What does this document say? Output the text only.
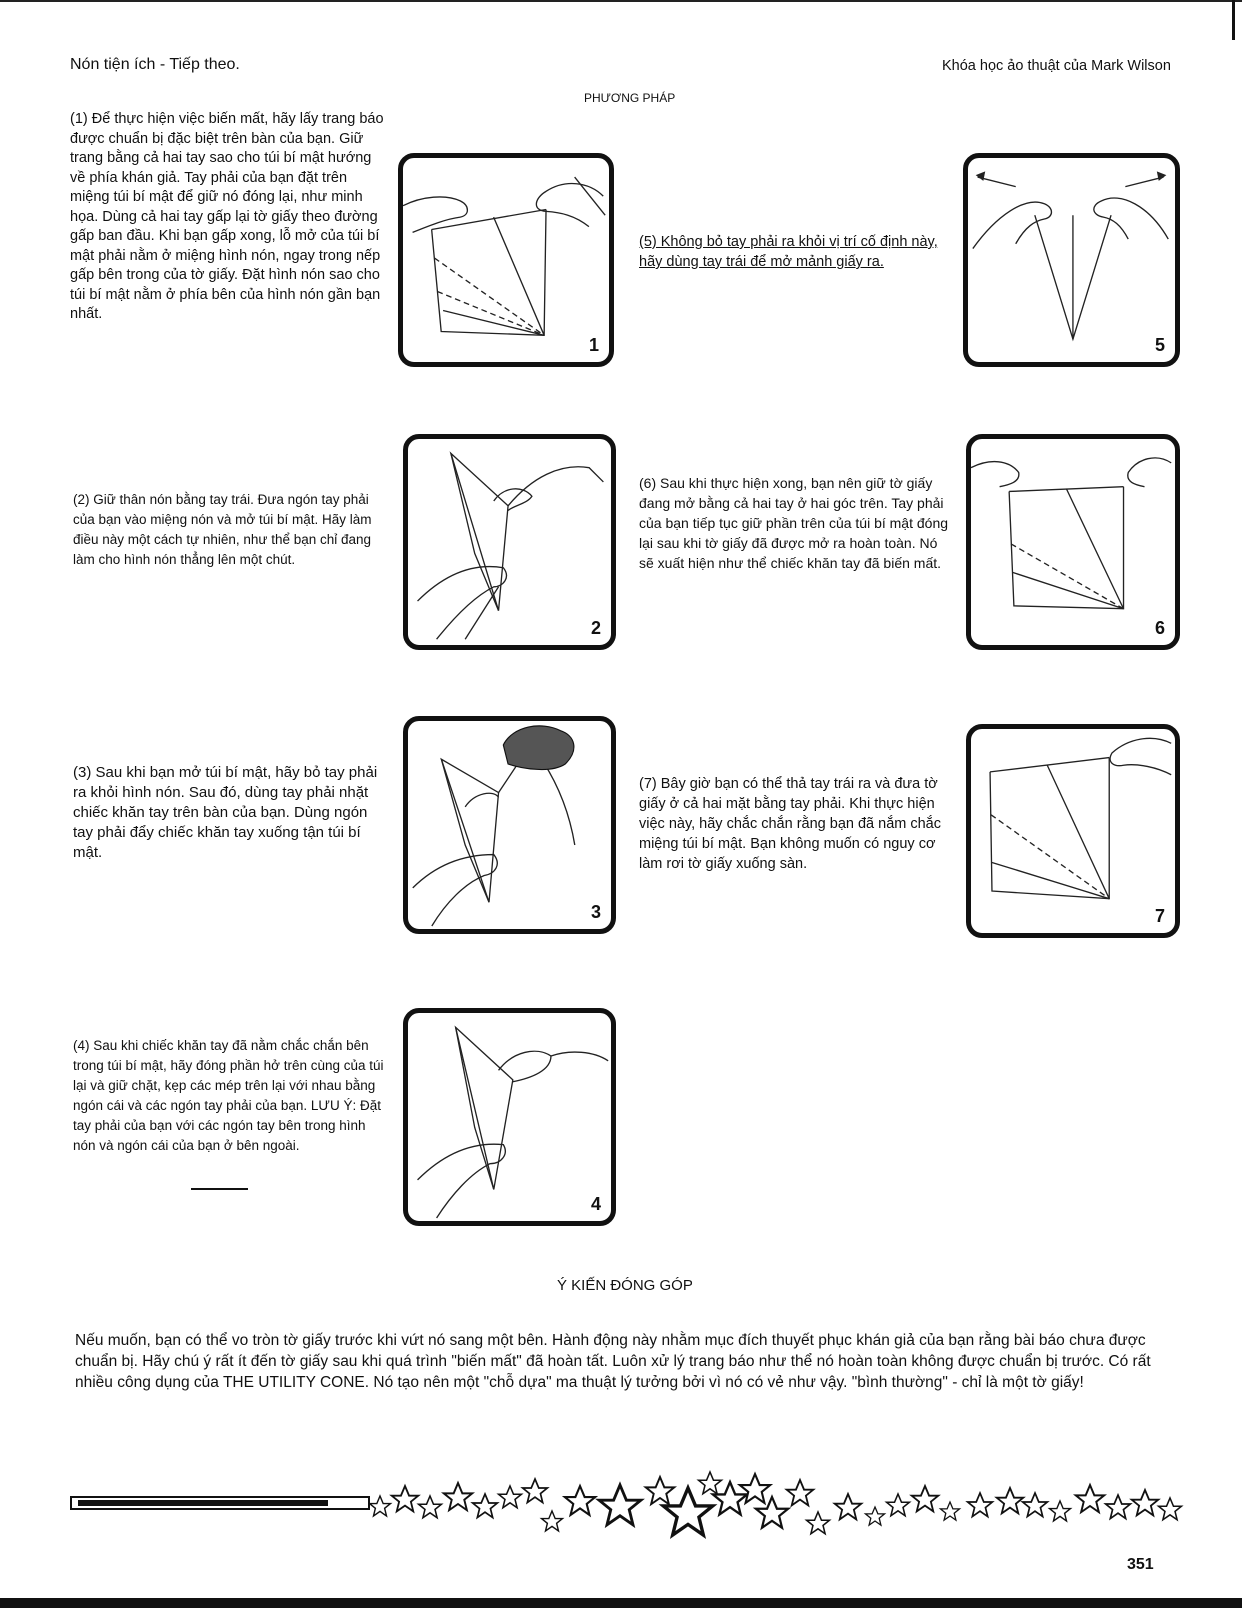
Nón tiện ích - Tiếp theo.	Khóa học ảo thuật của Mark Wilson
PHƯƠNG PHÁP
(1) Để thực hiện việc biến mất, hãy lấy trang báo được chuẩn bị đặc biệt trên bàn của bạn. Giữ trang bằng cả hai tay sao cho túi bí mật hướng về phía khán giả. Tay phải của bạn đặt trên miệng túi bí mật để giữ nó đóng lại, như minh họa. Dùng cả hai tay gấp lại tờ giấy theo đường gấp ban đầu. Khi bạn gấp xong, lỗ mở của túi bí mật phải nằm ở miệng hình nón, ngay trong nếp gấp bên trong của tờ giấy. Đặt hình nón sao cho túi bí mật nằm ở phía bên của hình nón gần bạn nhất.
(2) Giữ thân nón bằng tay trái. Đưa ngón tay phải của bạn vào miệng nón và mở túi bí mật. Hãy làm điều này một cách tự nhiên, như thể bạn chỉ đang làm cho hình nón thẳng lên một chút.
(3) Sau khi bạn mở túi bí mật, hãy bỏ tay phải ra khỏi hình nón. Sau đó, dùng tay phải nhặt chiếc khăn tay trên bàn của bạn. Dùng ngón tay phải đẩy chiếc khăn tay xuống tận túi bí mật.
(4) Sau khi chiếc khăn tay đã nằm chắc chắn bên trong túi bí mật, hãy đóng phần hở trên cùng của túi lại và giữ chặt, kẹp các mép trên lại với nhau bằng ngón cái và các ngón tay phải của bạn. LƯU Ý: Đặt tay phải của bạn với các ngón tay bên trong hình nón và ngón cái của bạn ở bên ngoài.
(5) Không bỏ tay phải ra khỏi vị trí cố định này, hãy dùng tay trái để mở mảnh giấy ra.
(6) Sau khi thực hiện xong, bạn nên giữ tờ giấy đang mở bằng cả hai tay ở hai góc trên. Tay phải của bạn tiếp tục giữ phần trên của túi bí mật đóng lại sau khi tờ giấy đã được mở ra hoàn toàn. Nó sẽ xuất hiện như thể chiếc khăn tay đã biến mất.
(7) Bây giờ bạn có thể thả tay trái ra và đưa tờ giấy ở cả hai mặt bằng tay phải. Khi thực hiện việc này, hãy chắc chắn rằng bạn đã nắm chắc miệng túi bí mật. Bạn không muốn có nguy cơ làm rơi tờ giấy xuống sàn.
1
2
3
4
5
6
7
Ý KIẾN ĐÓNG GÓP
Nếu muốn, bạn có thể vo tròn tờ giấy trước khi vứt nó sang một bên. Hành động này nhằm mục đích thuyết phục khán giả của bạn rằng bài báo chưa được chuẩn bị. Hãy chú ý rất ít đến tờ giấy sau khi quá trình "biến mất" đã hoàn tất. Luôn xử lý trang báo như thể nó hoàn toàn không được chuẩn bị trước. Có rất nhiều công dụng của THE UTILITY CONE. Nó tạo nên một "chỗ dựa" ma thuật lý tưởng bởi vì nó có vẻ như vậy. "bình thường" - chỉ là một tờ giấy!
351
